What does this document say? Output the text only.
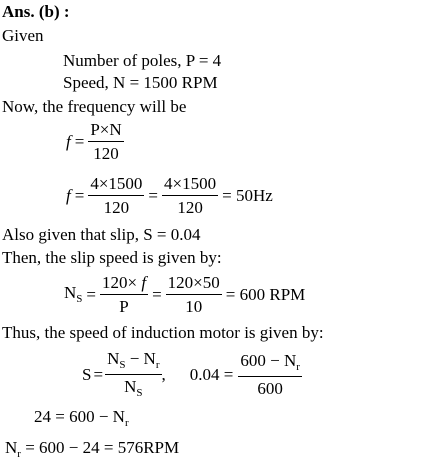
Ans. (b) :
Given
Number of poles, P = 4
Speed, N = 1500 RPM
Now, the frequency will be
$f = \frac{P\times N}{120}$
$f = \frac{4\times 1500}{120} = \frac{4\times 1500}{120} = 50Hz$
Also given that slip, S = 0.04
Then, the slip speed is given by:
$N_S = \frac{120\times f}{P} = \frac{120\times 50}{10} = 600$ RPM
Thus, the speed of induction motor is given by:
$S = \frac{N_S - N_r}{N_S}$ , $0.04 = \frac{600 - N_r}{600}$
$24 = 600 - N_r$
$N_r = 600 - 24 = 576RPM$
